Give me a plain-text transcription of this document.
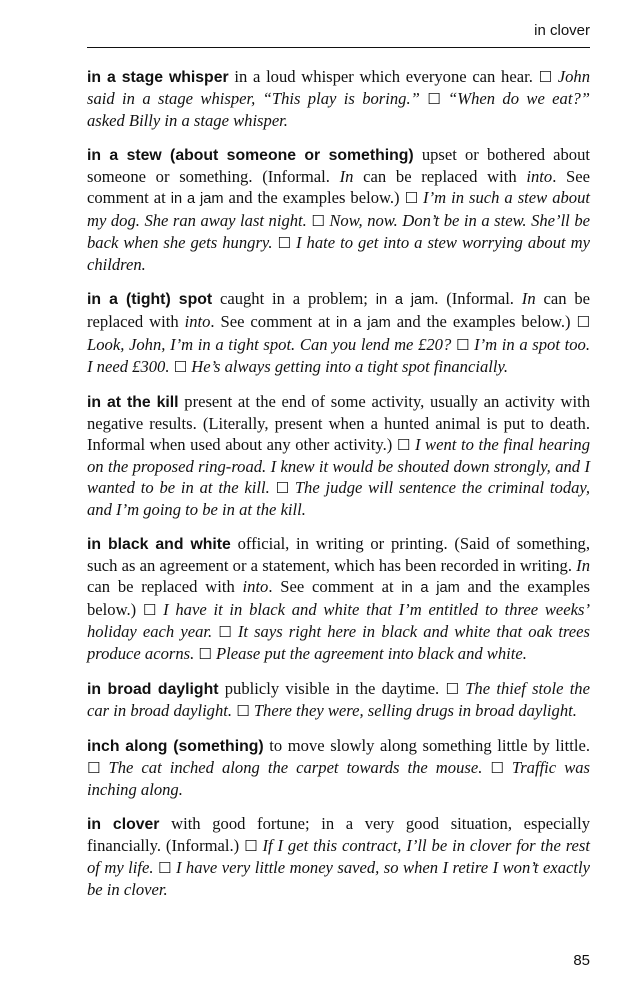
in clover

in a stage whisper in a loud whisper which everyone can hear. ☐ John said in a stage whisper, “This play is boring.” ☐ “When do we eat?” asked Billy in a stage whisper.

in a stew (about someone or something) upset or bothered about someone or something. (Informal. In can be replaced with into. See comment at in a jam and the examples below.) ☐ I’m in such a stew about my dog. She ran away last night. ☐ Now, now. Don’t be in a stew. She’ll be back when she gets hungry. ☐ I hate to get into a stew worrying about my children.

in a (tight) spot caught in a problem; in a jam. (Informal. In can be replaced with into. See comment at in a jam and the examples below.) ☐ Look, John, I’m in a tight spot. Can you lend me £20? ☐ I’m in a spot too. I need £300. ☐ He’s always getting into a tight spot financially.

in at the kill present at the end of some activity, usually an activity with negative results. (Literally, present when a hunted animal is put to death. Informal when used about any other activity.) ☐ I went to the final hearing on the proposed ring-road. I knew it would be shouted down strongly, and I wanted to be in at the kill. ☐ The judge will sentence the criminal today, and I’m going to be in at the kill.

in black and white official, in writing or printing. (Said of something, such as an agreement or a statement, which has been recorded in writing. In can be replaced with into. See comment at in a jam and the examples below.) ☐ I have it in black and white that I’m entitled to three weeks’ holiday each year. ☐ It says right here in black and white that oak trees produce acorns. ☐ Please put the agreement into black and white.

in broad daylight publicly visible in the daytime. ☐ The thief stole the car in broad daylight. ☐ There they were, selling drugs in broad daylight.

inch along (something) to move slowly along something little by little. ☐ The cat inched along the carpet towards the mouse. ☐ Traffic was inching along.

in clover with good fortune; in a very good situation, especially financially. (Informal.) ☐ If I get this contract, I’ll be in clover for the rest of my life. ☐ I have very little money saved, so when I retire I won’t exactly be in clover.

85
